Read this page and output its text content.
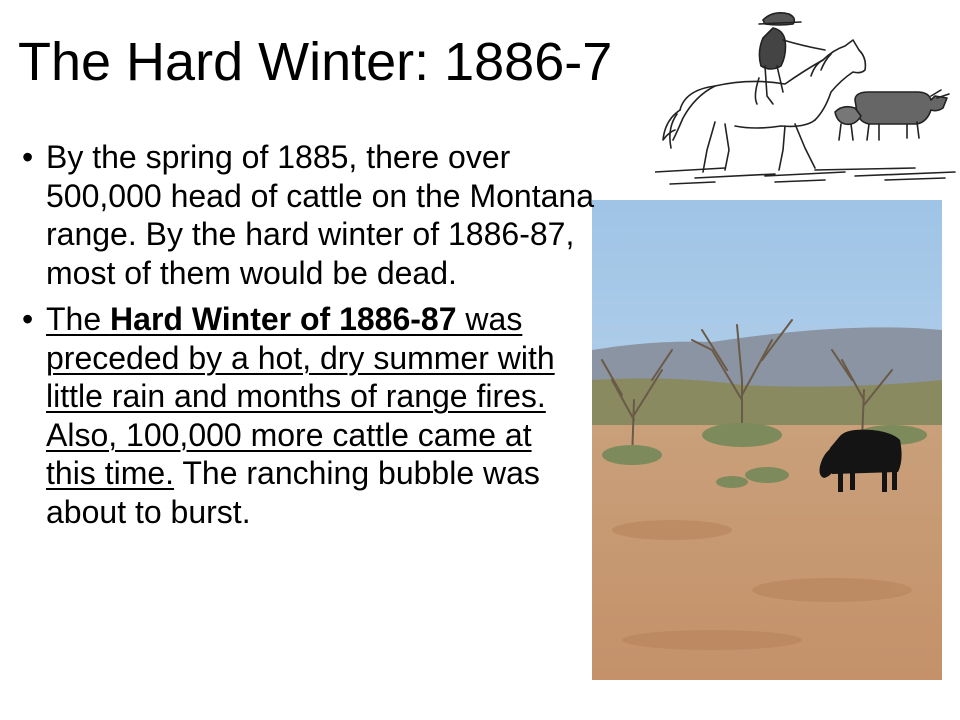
The Hard Winter: 1886-7
• By the spring of 1885, there over 500,000 head of cattle on the Montana range. By the hard winter of 1886-87, most of them would be dead.
• The Hard Winter of 1886-87 was preceded by a hot, dry summer with little rain and months of range fires. Also, 100,000 more cattle came at this time. The ranching bubble was about to burst.
